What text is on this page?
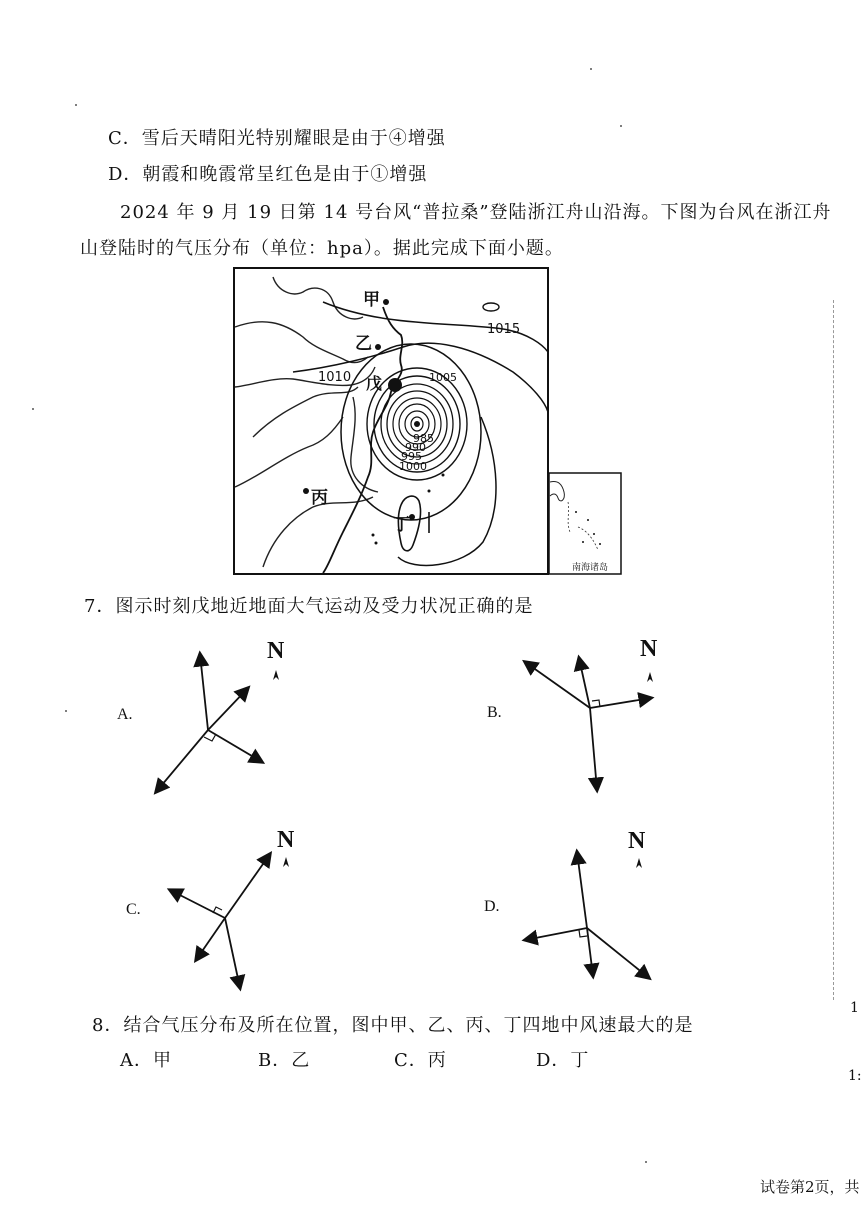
C．雪后天晴阳光特别耀眼是由于④增强
D．朝霞和晚霞常呈红色是由于①增强
2024 年 9 月 19 日第 14 号台风“普拉桑”登陆浙江舟山沿海。下图为台风在浙江舟
山登陆时的气压分布（单位：hpa）。据此完成下面小题。
甲
乙
戊
丙
丁
1015
1010	1005
985
990
995
1000
南海诸岛
7．图示时刻戊地近地面大气运动及受力状况正确的是
A.
N
B.
N
C.
N
D.
N
8．结合气压分布及所在位置，图中甲、乙、丙、丁四地中风速最大的是
A．甲	B．乙	C．丙	D．丁
试卷第2页，共
1
1:
